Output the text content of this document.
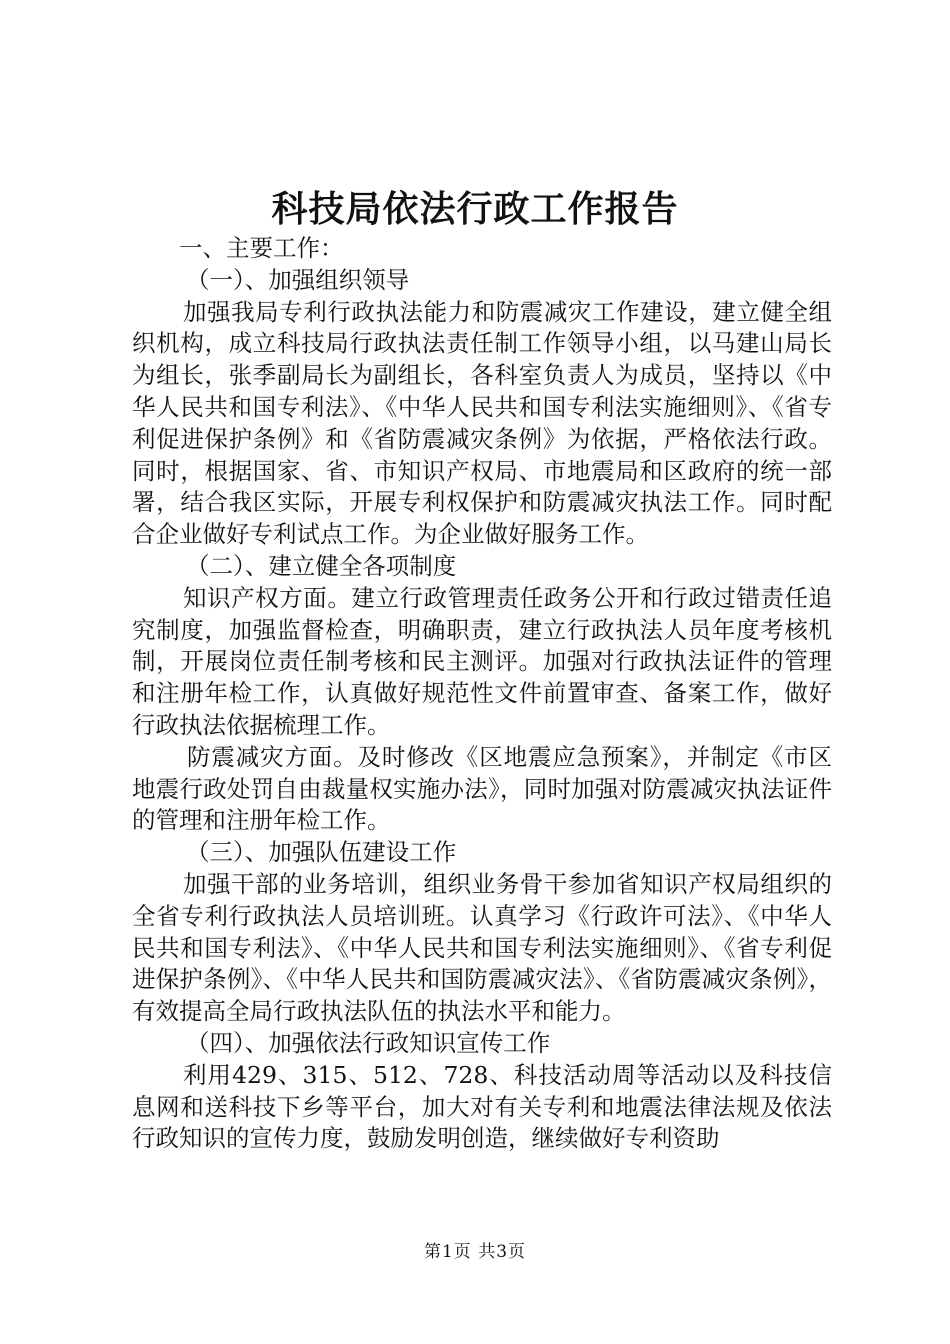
科技局依法行政工作报告

一、主要工作：

（一）、加强组织领导

加强我局专利行政执法能力和防震减灾工作建设，建立健全组织机构，成立科技局行政执法责任制工作领导小组，以马建山局长为组长，张季副局长为副组长，各科室负责人为成员，坚持以《中华人民共和国专利法》、《中华人民共和国专利法实施细则》、《省专利促进保护条例》和《省防震减灾条例》为依据，严格依法行政。同时，根据国家、省、市知识产权局、市地震局和区政府的统一部署，结合我区实际，开展专利权保护和防震减灾执法工作。同时配合企业做好专利试点工作。为企业做好服务工作。

（二）、建立健全各项制度

知识产权方面。建立行政管理责任政务公开和行政过错责任追究制度，加强监督检查，明确职责，建立行政执法人员年度考核机制，开展岗位责任制考核和民主测评。加强对行政执法证件的管理和注册年检工作，认真做好规范性文件前置审查、备案工作，做好行政执法依据梳理工作。

防震减灾方面。及时修改《区地震应急预案》，并制定《市区地震行政处罚自由裁量权实施办法》，同时加强对防震减灾执法证件的管理和注册年检工作。

（三）、加强队伍建设工作

加强干部的业务培训，组织业务骨干参加省知识产权局组织的全省专利行政执法人员培训班。认真学习《行政许可法》、《中华人民共和国专利法》、《中华人民共和国专利法实施细则》、《省专利促进保护条例》、《中华人民共和国防震减灾法》、《省防震减灾条例》，有效提高全局行政执法队伍的执法水平和能力。

（四）、加强依法行政知识宣传工作

利用429、315、512、728、科技活动周等活动以及科技信息网和送科技下乡等平台，加大对有关专利和地震法律法规及依法行政知识的宣传力度，鼓励发明创造，继续做好专利资助

第1页 共3页
